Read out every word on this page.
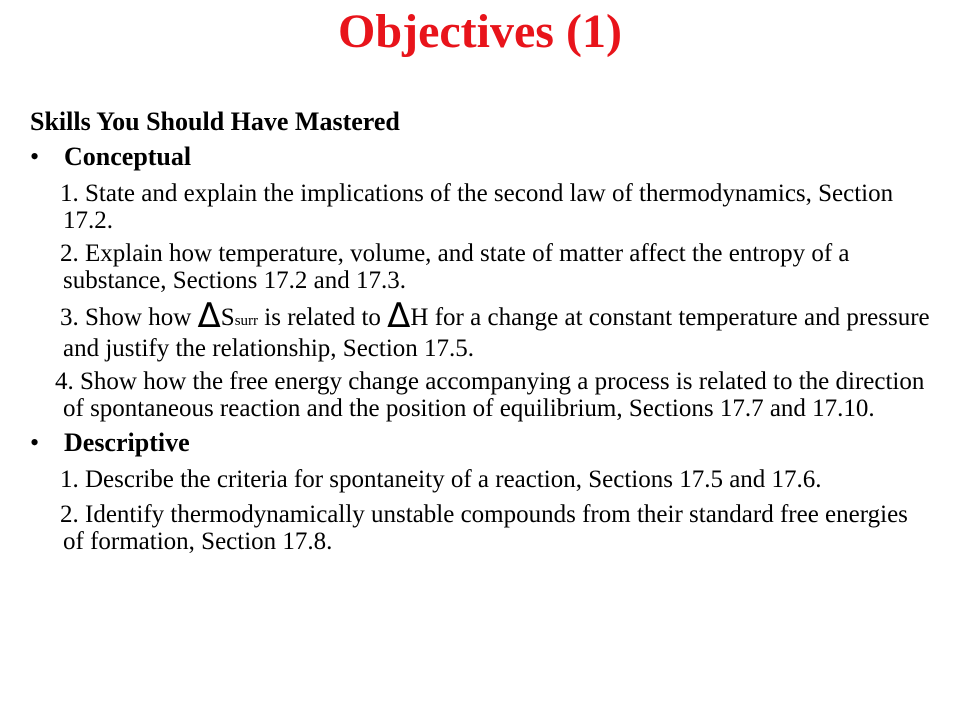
Objectives (1)
Skills You Should Have Mastered
• Conceptual
1. State and explain the implications of the second law of thermodynamics, Section 17.2.
2. Explain how temperature, volume, and state of matter affect the entropy of a substance, Sections 17.2 and 17.3.
3. Show how ΔSsurr is related to ΔH for a change at constant temperature and pressure and justify the relationship, Section 17.5.
4. Show how the free energy change accompanying a process is related to the direction of spontaneous reaction and the position of equilibrium, Sections 17.7 and 17.10.
• Descriptive
1. Describe the criteria for spontaneity of a reaction, Sections 17.5 and 17.6.
2. Identify thermodynamically unstable compounds from their standard free energies of formation, Section 17.8.
